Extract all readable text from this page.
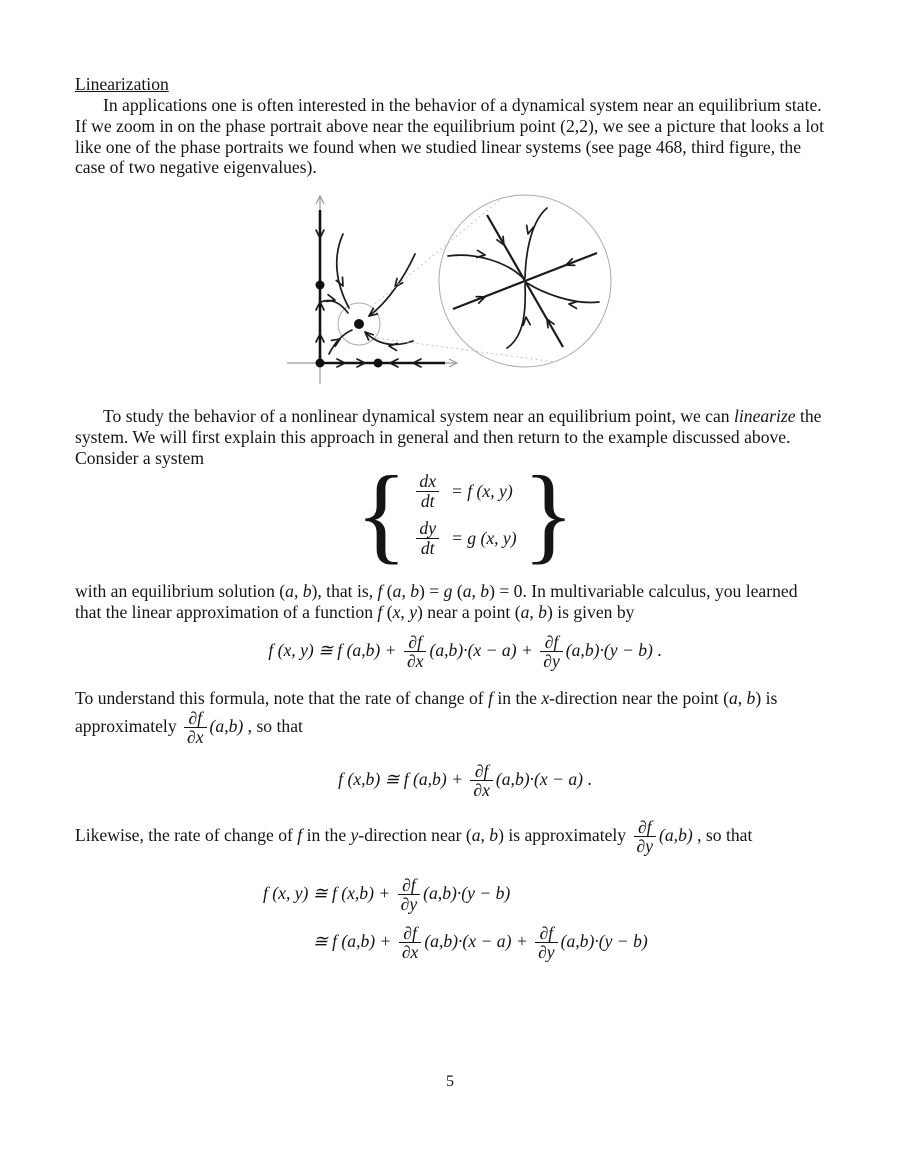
Linearization
In applications one is often interested in the behavior of a dynamical system near an equilibrium state.
If we zoom in on the phase portrait above near the equilibrium point (2,2), we see a picture that looks a lot
like one of the phase portraits we found when we studied linear systems (see page 468, third figure, the
case of two negative eigenvalues).
To study the behavior of a nonlinear dynamical system near an equilibrium point, we can linearize the
system. We will first explain this approach in general and then return to the example discussed above.
Consider a system	{ $\frac{dx}{dt} = f$ (x, y)
$\frac{dy}{dt} = g$ (x, y) }
with an equilibrium solution (a, b), that is, f (a, b) = g (a, b) = 0. In multivariable calculus, you learned
that the linear approximation of a function f (x, y) near a point (a, b) is given by
f (x, y) ≅ f $(a,b) + \frac{\partial f}{\partial x} (a,b)\cdot(x - a) + \frac{\partial f}{\partial y} (a,b)\cdot(y - b)$ .
To understand this formula, note that the rate of change of f in the x-direction near the point (a, b) is
approximately $\frac{\partial f}{\partial x} (a,b)$ , so that
f (x,b) ≅ f $(a,b) + \frac{\partial f}{\partial x} (a,b)\cdot(x - a)$ .
Likewise, the rate of change of f in the y-direction near (a, b) is approximately $\frac{\partial f}{\partial y} (a,b)$ , so that
f (x, y) ≅ f $(x,b) + \frac{\partial f}{\partial y} (a,b)\cdot(y - b)$
≅ f $(a,b) + \frac{\partial f}{\partial x} (a,b)\cdot(x - a) + \frac{\partial f}{\partial y} (a,b)\cdot(y - b)$
5
